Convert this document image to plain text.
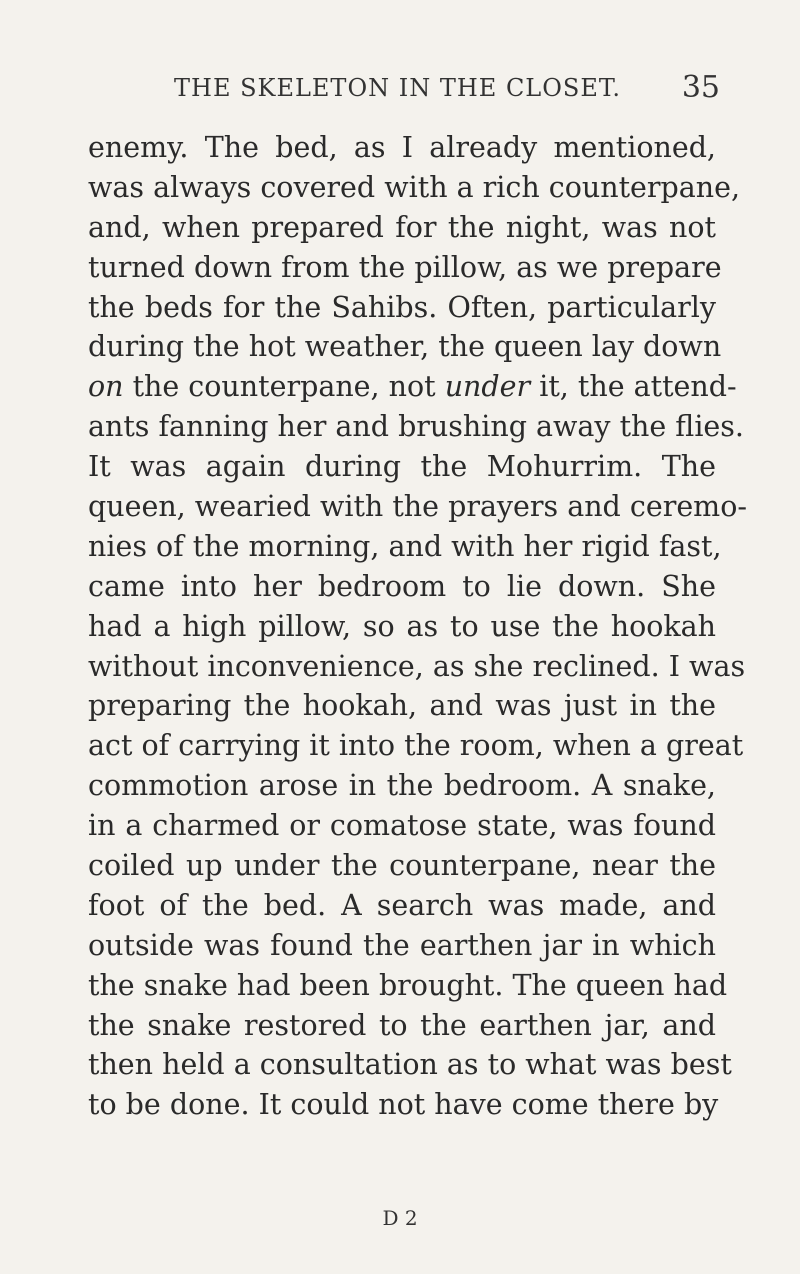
THE SKELETON IN THE CLOSET. 35
enemy. The bed, as I already mentioned,
was always covered with a rich counterpane,
and, when prepared for the night, was not
turned down from the pillow, as we prepare
the beds for the Sahibs. Often, particularly
during the hot weather, the queen lay down
on the counterpane, not under it, the attend-
ants fanning her and brushing away the flies.
It was again during the Mohurrim. The
queen, wearied with the prayers and ceremo-
nies of the morning, and with her rigid fast,
came into her bedroom to lie down. She
had a high pillow, so as to use the hookah
without inconvenience, as she reclined. I was
preparing the hookah, and was just in the
act of carrying it into the room, when a great
commotion arose in the bedroom. A snake,
in a charmed or comatose state, was found
coiled up under the counterpane, near the
foot of the bed. A search was made, and
outside was found the earthen jar in which
the snake had been brought. The queen had
the snake restored to the earthen jar, and
then held a consultation as to what was best
to be done. It could not have come there by
D 2
